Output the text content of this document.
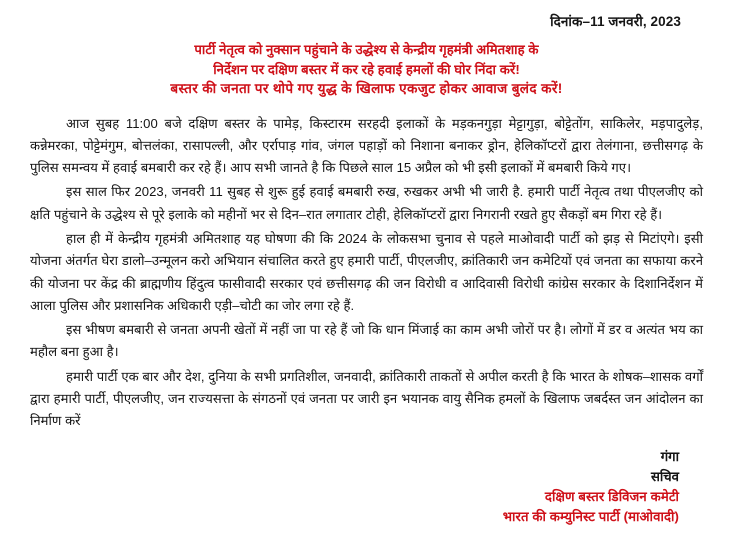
दिनांक–11 जनवरी, 2023
पार्टी नेतृत्व को नुक्सान पहुंचाने के उद्धेश्य से केन्द्रीय गृहमंत्री अमितशाह के
निर्देशन पर दक्षिण बस्तर में कर रहे हवाई हमलों की घोर निंदा करें!
बस्तर की जनता पर थोपे गए युद्ध के खिलाफ एकजुट होकर आवाज बुलंद करें!

आज सुबह 11:00 बजे दक्षिण बस्तर के पामेड़, किस्टारम सरहदी इलाकों के मड़कनगुड़ा मेट्टागुड़ा, बोट्टेतोंग, साकिलेर, मड़पादुलेड़, कन्नेमरका, पोट्टेमंगुम, बोत्तलंका, रासापल्ली, और एर्रापाड़ गांव, जंगल पहाड़ों को निशाना बनाकर ड्रोन, हेलिकॉप्टरों द्वारा तेलंगाना, छत्तीसगढ़ के पुलिस समन्वय में हवाई बमबारी कर रहे हैं। आप सभी जानते है कि पिछले साल 15 अप्रैल को भी इसी इलाकों में बमबारी किये गए।

इस साल फिर 2023, जनवरी 11 सुबह से शुरू हुई हवाई बमबारी रुख, रुखकर अभी भी जारी है. हमारी पार्टी नेतृत्व तथा पीएलजीए को क्षति पहुंचाने के उद्धेश्य से पूरे इलाके को महीनों भर से दिन–रात लगातार टोही, हेलिकॉप्टरों द्वारा निगरानी रखते हुए सैकड़ों बम गिरा रहे हैं।

हाल ही में केन्द्रीय गृहमंत्री अमितशाह यह घोषणा की कि 2024 के लोकसभा चुनाव से पहले माओवादी पार्टी को झड़ से मिटांएगे। इसी योजना अंतर्गत घेरा डालो–उन्मूलन करो अभियान संचालित करते हुए हमारी पार्टी, पीएलजीए, क्रांतिकारी जन कमेटियों एवं जनता का सफाया करने की योजना पर केंद्र की ब्राह्मणीय हिंदुत्व फासीवादी सरकार एवं छत्तीसगढ़ की जन विरोधी व आदिवासी विरोधी कांग्रेस सरकार के दिशानिर्देशन में आला पुलिस और प्रशासनिक अधिकारी एड़ी–चोटी का जोर लगा रहे हैं.

इस भीषण बमबारी से जनता अपनी खेतों में नहीं जा पा रहे हैं जो कि धान मिंजाई का काम अभी जोरों पर है। लोगों में डर व अत्यंत भय का महौल बना हुआ है।

हमारी पार्टी एक बार और देश, दुनिया के सभी प्रगतिशील, जनवादी, क्रांतिकारी ताकतों से अपील करती है कि भारत के शोषक–शासक वर्गों द्वारा हमारी पार्टी, पीएलजीए, जन राज्यसत्ता के संगठनों एवं जनता पर जारी इन भयानक वायु सैनिक हमलों के खिलाफ जबर्दस्त जन आंदोलन का निर्माण करें

गंगा
सचिव
दक्षिण बस्तर डिविजन कमेटी
भारत की कम्युनिस्ट पार्टी (माओवादी)
